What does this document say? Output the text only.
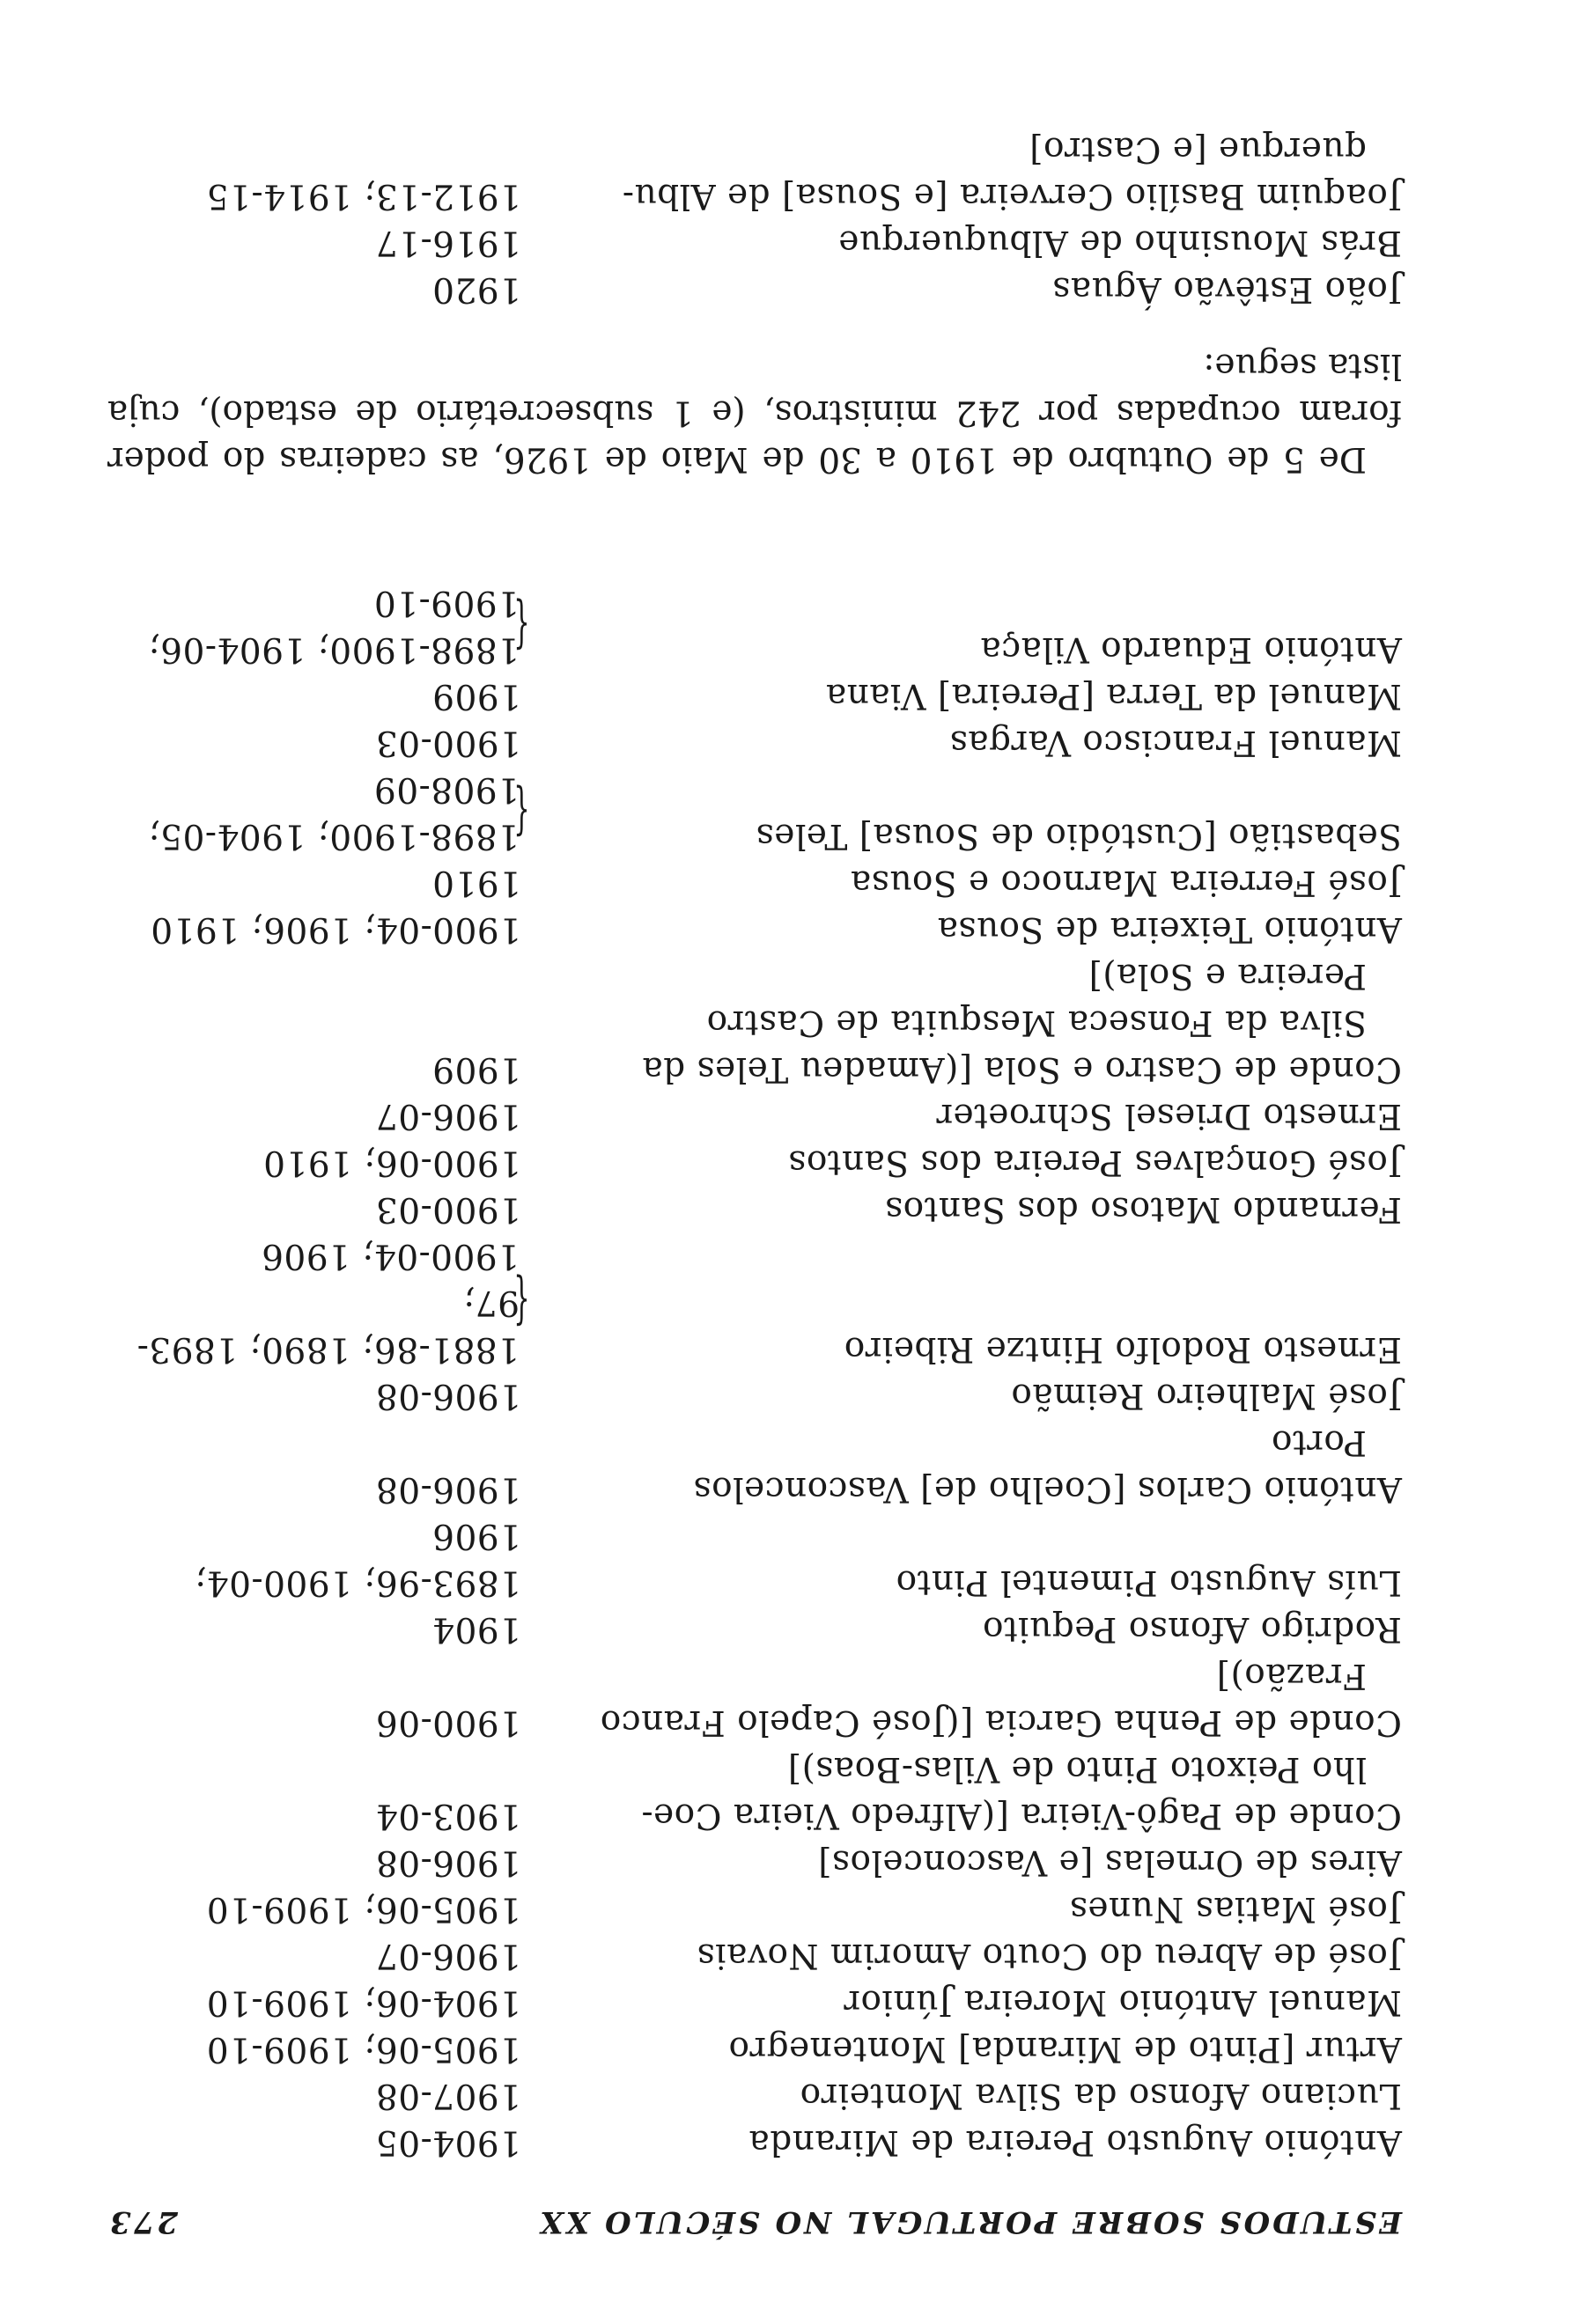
ESTUDOS SOBRE PORTUGAL NO SÉCULO XX
273
António Augusto Pereira de Miranda
1904-05
Luciano Afonso da Silva Monteiro
1907-08
Artur [Pinto de Miranda] Montenegro
1905-06; 1909-10
Manuel António Moreira Júnior
1904-06; 1909-10
José de Abreu do Couto Amorim Novais
1906-07
José Matias Nunes
1905-06; 1909-10
Aires de Ornelas [e Vasconcelos]
1906-08
Conde de Pagô-Vieira [(Alfredo Vieira Coe-
lho Peixoto Pinto de Vilas-Boas)]
1903-04
Conde de Penha Garcia [(José Capelo Franco
Frazão)]
1900-06
Rodrigo Afonso Pequito
1904
Luís Augusto Pimentel Pinto
1893-96; 1900-04; 1906
António Carlos [Coelho de] Vasconcelos
Porto
1906-08
José Malheiro Reimão
1906-08
Ernesto Rodolfo Hintze Ribeiro
{
1881-86; 1890; 1893-97;
1900-04; 1906
Fernando Matoso dos Santos
1900-03
José Gonçalves Pereira dos Santos
1900-06; 1910
Ernesto Driesel Schroeter
1906-07
Conde de Castro e Sola [(Amadeu Teles da
Silva da Fonseca Mesquita de Castro
Pereira e Sola)]
1909
António Teixeira de Sousa
1900-04; 1906; 1910
José Ferreira Marnoco e Sousa
1910
Sebastião [Custódio de Sousa] Teles
{
1898-1900; 1904-05;
1908-09
Manuel Francisco Vargas
1900-03
Manuel da Terra [Pereira] Viana
1909
António Eduardo Vilaça
{
1898-1900; 1904-06;
1909-10

De 5 de Outubro de 1910 a 30 de Maio de 1926, as cadeiras do poder foram ocupadas por 242 ministros, (e 1 subsecretário de estado), cuja lista segue:

João Estêvão Águas
1920
Brás Mousinho de Albuquerque
1916-17
Joaquim Basílio Cerveira [e Sousa] de Albu-
querque [e Castro]
1912-13; 1914-15
